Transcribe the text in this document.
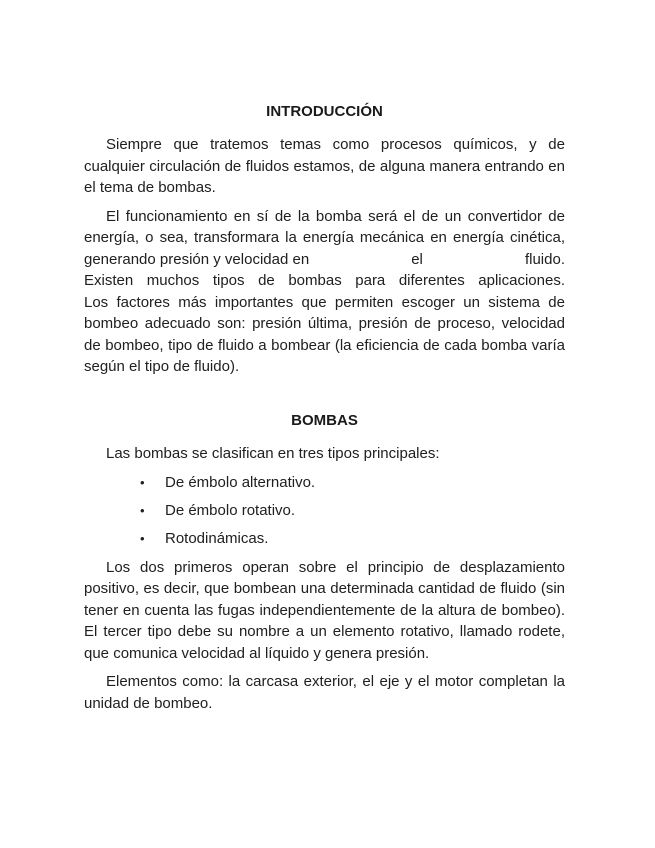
INTRODUCCIÓN
Siempre que tratemos temas como procesos químicos, y de cualquier circulación de fluidos estamos, de alguna manera entrando en el tema de bombas.
El funcionamiento en sí de la bomba será el de un convertidor de energía, o sea, transformara la energía mecánica en energía cinética,
generando presión y velocidad en	el	fluido.
Existen muchos tipos de bombas para diferentes aplicaciones.
Los factores más importantes que permiten escoger un sistema de bombeo adecuado son: presión última, presión de proceso, velocidad de bombeo, tipo de fluido a bombear (la eficiencia de cada bomba varía según el tipo de fluido).
BOMBAS
Las bombas se clasifican en tres tipos principales:
• De émbolo alternativo.
• De émbolo rotativo.
• Rotodinámicas.
Los dos primeros operan sobre el principio de desplazamiento positivo, es decir, que bombean una determinada cantidad de fluido (sin tener en cuenta las fugas independientemente de la altura de bombeo). El tercer tipo debe su nombre a un elemento rotativo, llamado rodete, que comunica velocidad al líquido y genera presión.
Elementos como: la carcasa exterior, el eje y el motor completan la unidad de bombeo.
